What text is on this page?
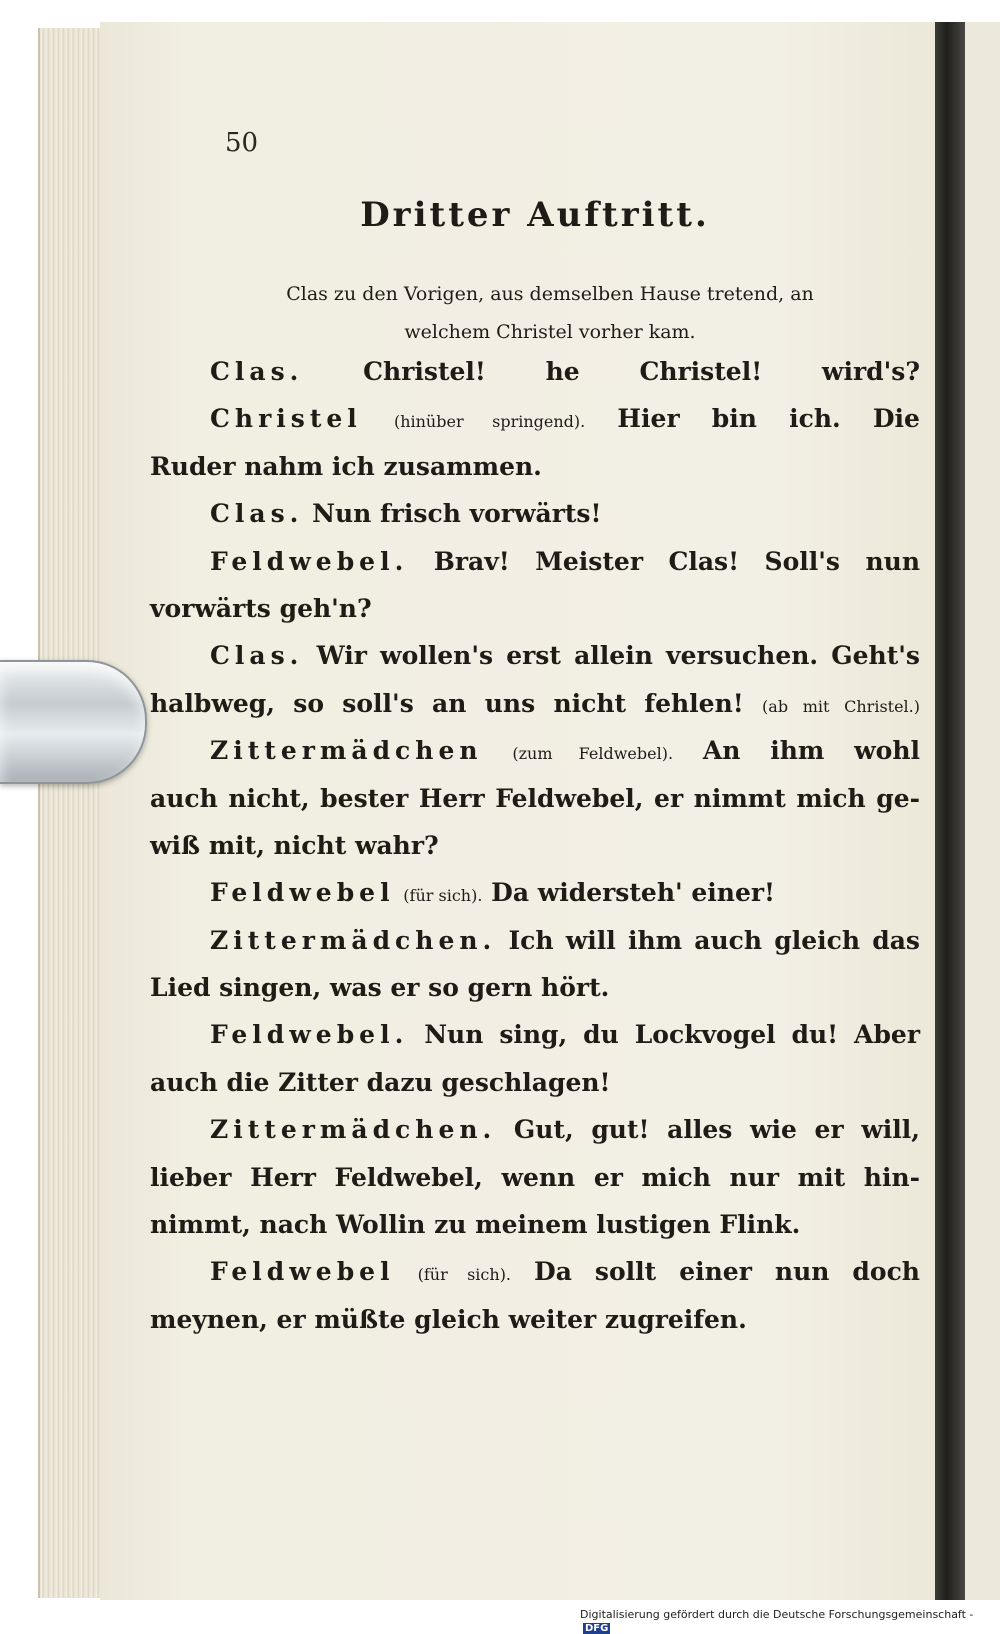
Dritter Auftritt.
Clas zu den Vorigen, aus demselben Hause tretend, an
welchem Christel vorher kam.
Clas. Christel! he Christel! wird's?
Christel (hinüber springend). Hier bin ich. Die
Ruder nahm ich zusammen.
Clas. Nun frisch vorwärts!
Feldwebel. Brav! Meister Clas! Soll's nun
vorwärts geh'n?
Clas. Wir wollen's erst allein versuchen. Geht's
halbweg, so soll's an uns nicht fehlen! (ab mit Christel.)
Zittermädchen (zum Feldwebel). An ihm wohl
auch nicht, bester Herr Feldwebel, er nimmt mich ge-
wiß mit, nicht wahr?
Feldwebel (für sich). Da widersteh' einer!
Zittermädchen. Ich will ihm auch gleich das
Lied singen, was er so gern hört.
Feldwebel. Nun sing, du Lockvogel du! Aber
auch die Zitter dazu geschlagen!
Zittermädchen. Gut, gut! alles wie er will,
lieber Herr Feldwebel, wenn er mich nur mit hin-
nimmt, nach Wollin zu meinem lustigen Flink.
Feldwebel (für sich). Da sollt einer nun doch
meynen, er müßte gleich weiter zugreifen.
50
Digitalisierung gefördert durch die Deutsche Forschungsgemeinschaft - DFG
